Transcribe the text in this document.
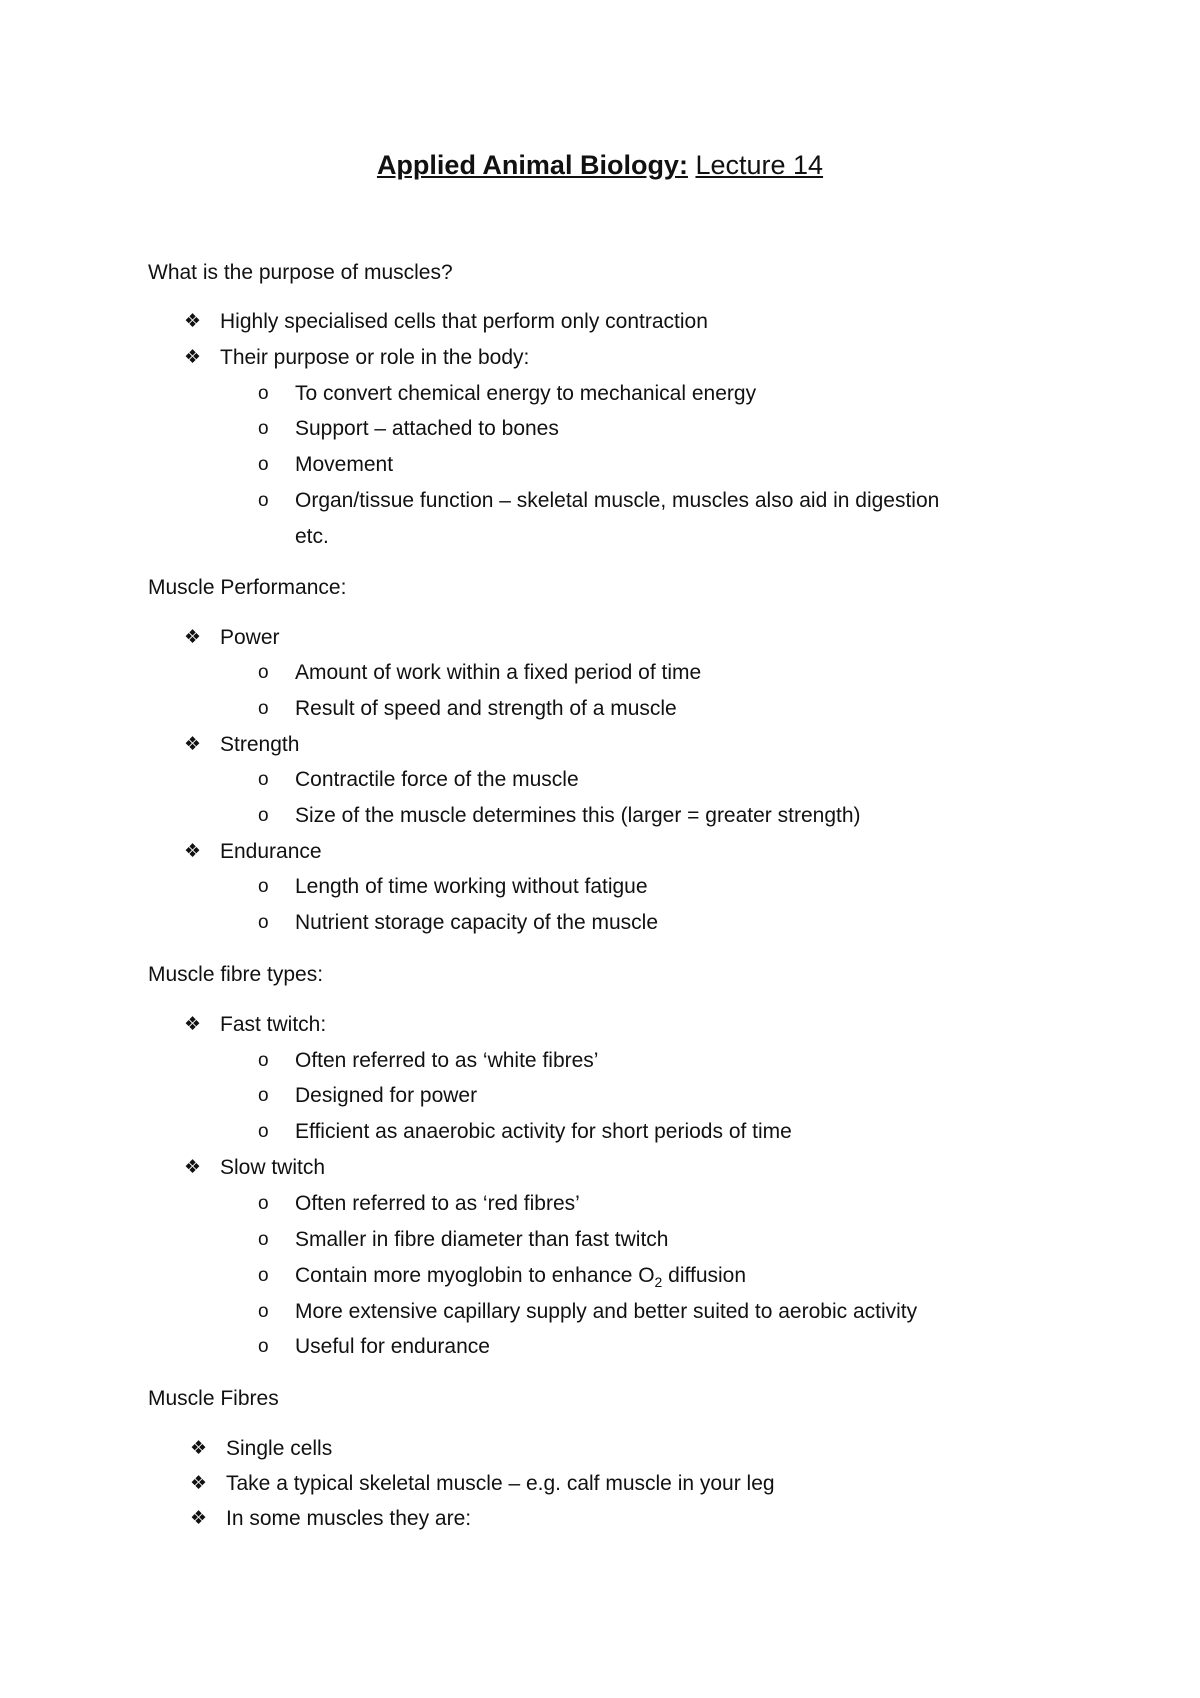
Applied Animal Biology: Lecture 14
What is the purpose of muscles?
❖ Highly specialised cells that perform only contraction
❖ Their purpose or role in the body:
o To convert chemical energy to mechanical energy
o Support – attached to bones
o Movement
o Organ/tissue function – skeletal muscle, muscles also aid in digestion
etc.
Muscle Performance:
❖ Power
o Amount of work within a fixed period of time
o Result of speed and strength of a muscle
❖ Strength
o Contractile force of the muscle
o Size of the muscle determines this (larger = greater strength)
❖ Endurance
o Length of time working without fatigue
o Nutrient storage capacity of the muscle
Muscle fibre types:
❖ Fast twitch:
o Often referred to as ‘white fibres’
o Designed for power
o Efficient as anaerobic activity for short periods of time
❖ Slow twitch
o Often referred to as ‘red fibres’
o Smaller in fibre diameter than fast twitch
o Contain more myoglobin to enhance $O_2$ diffusion
o More extensive capillary supply and better suited to aerobic activity
o Useful for endurance
Muscle Fibres
❖ Single cells
❖ Take a typical skeletal muscle – e.g. calf muscle in your leg
❖ In some muscles they are:
